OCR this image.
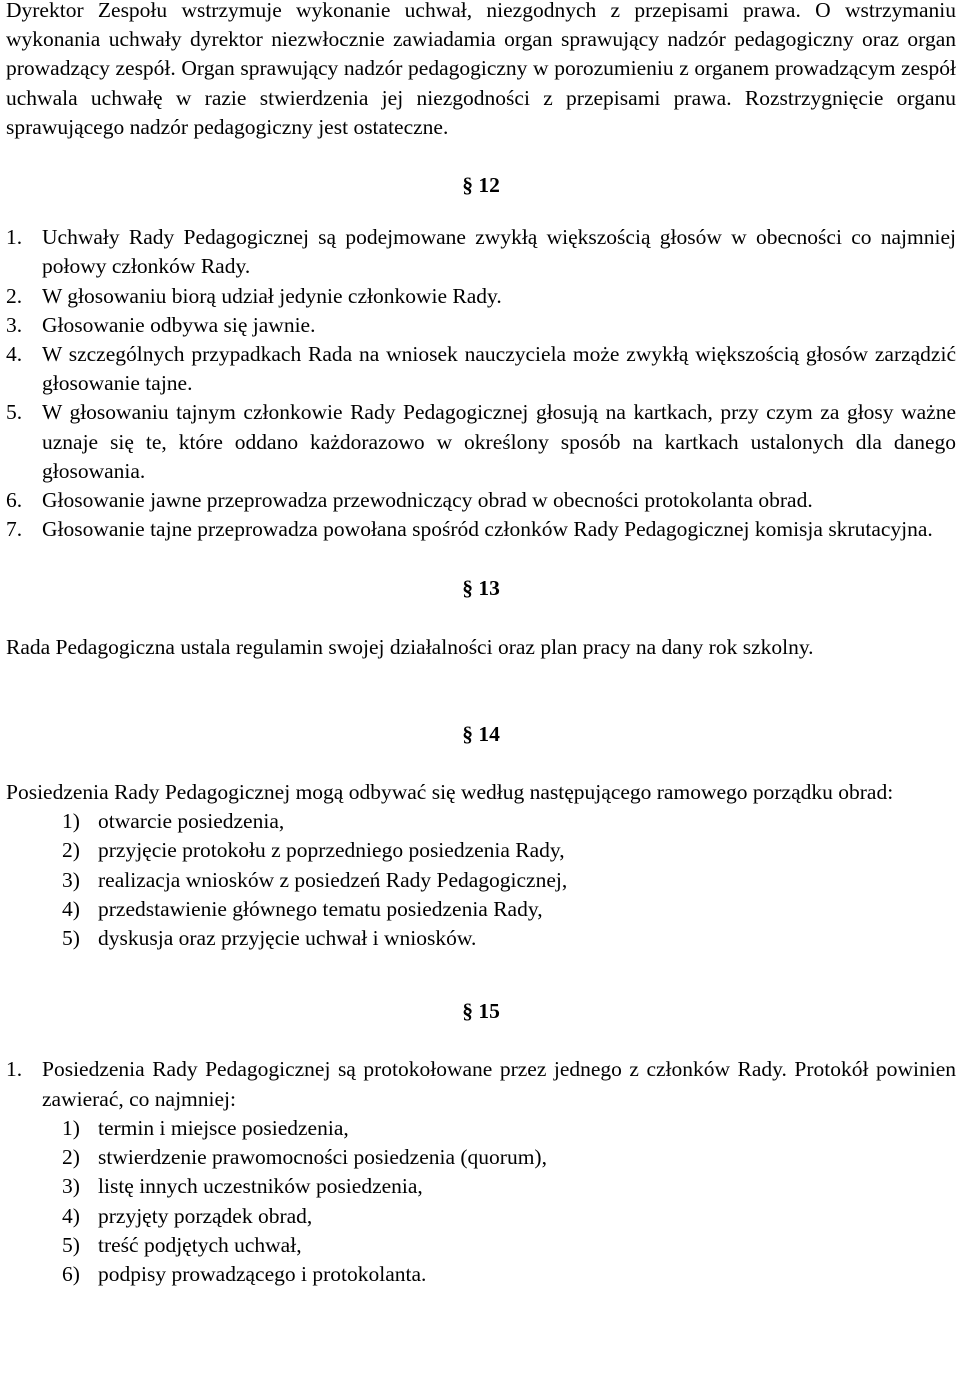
Dyrektor Zespołu wstrzymuje wykonanie uchwał, niezgodnych z przepisami prawa. O wstrzymaniu wykonania uchwały dyrektor niezwłocznie zawiadamia organ sprawujący nadzór pedagogiczny oraz organ prowadzący zespół. Organ sprawujący nadzór pedagogiczny w porozumieniu z organem prowadzącym zespół uchwala uchwałę w razie stwierdzenia jej niezgodności z przepisami prawa. Rozstrzygnięcie organu sprawującego nadzór pedagogiczny jest ostateczne.

§ 12

1. Uchwały Rady Pedagogicznej są podejmowane zwykłą większością głosów w obecności co najmniej połowy członków Rady.
2. W głosowaniu biorą udział jedynie członkowie Rady.
3. Głosowanie odbywa się jawnie.
4. W szczególnych przypadkach Rada na wniosek nauczyciela może zwykłą większością głosów zarządzić głosowanie tajne.
5. W głosowaniu tajnym członkowie Rady Pedagogicznej głosują na kartkach, przy czym za głosy ważne uznaje się te, które oddano każdorazowo w określony sposób na kartkach ustalonych dla danego głosowania.
6. Głosowanie jawne przeprowadza przewodniczący obrad w obecności protokolanta obrad.
7. Głosowanie tajne przeprowadza powołana spośród członków Rady Pedagogicznej komisja skrutacyjna.

§ 13

Rada Pedagogiczna ustala regulamin swojej działalności oraz plan pracy na dany rok szkolny.

§ 14

Posiedzenia Rady Pedagogicznej mogą odbywać się według następującego ramowego porządku obrad:

1) otwarcie posiedzenia,
2) przyjęcie protokołu z poprzedniego posiedzenia Rady,
3) realizacja wniosków z posiedzeń Rady Pedagogicznej,
4) przedstawienie głównego tematu posiedzenia Rady,
5) dyskusja oraz przyjęcie uchwał i wniosków.

§ 15

1. Posiedzenia Rady Pedagogicznej są protokołowane przez jednego z członków Rady. Protokół powinien zawierać, co najmniej:
1) termin i miejsce posiedzenia,
2) stwierdzenie prawomocności posiedzenia (quorum),
3) listę innych uczestników posiedzenia,
4) przyjęty porządek obrad,
5) treść podjętych uchwał,
6) podpisy prowadzącego i protokolanta.
